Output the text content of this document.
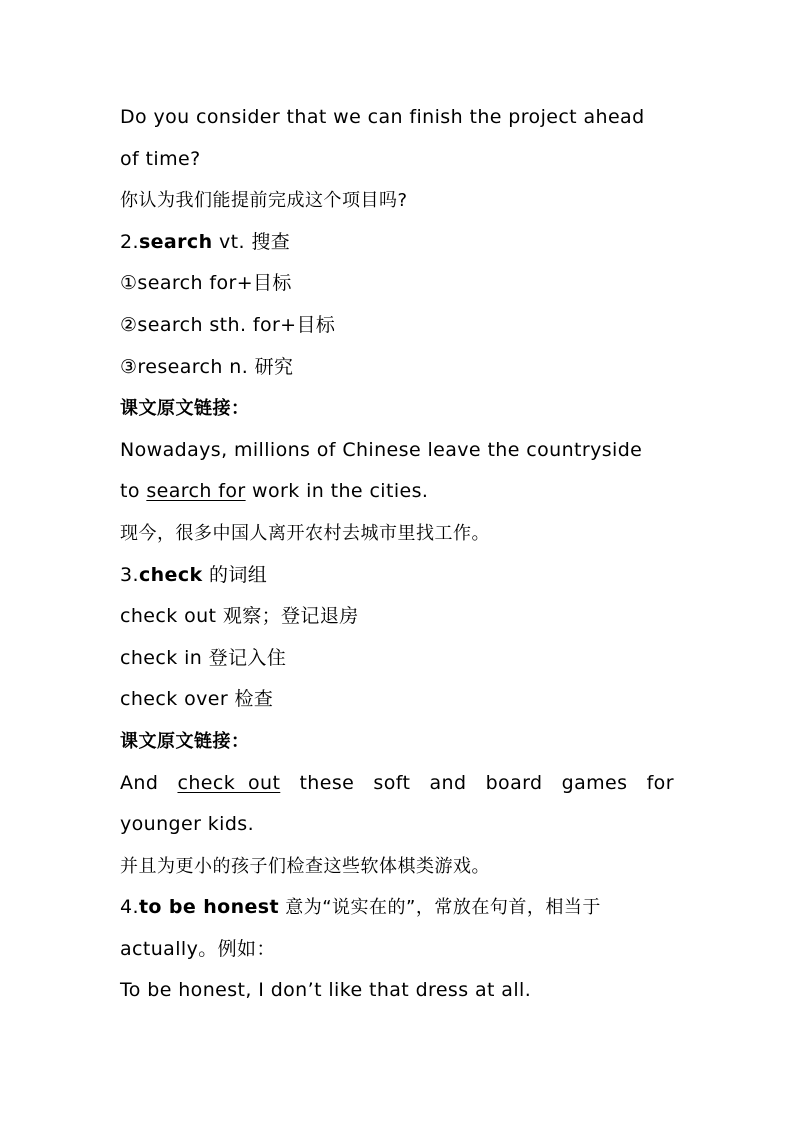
Do you consider that we can finish the project ahead
of time?
你认为我们能提前完成这个项目吗?
2.search vt. 搜查
①search for+目标
②search sth. for+目标
③research n. 研究
课文原文链接：
Nowadays, millions of Chinese leave the countryside
to search for work in the cities.
现今，很多中国人离开农村去城市里找工作。
3.check 的词组
check out 观察；登记退房
check in 登记入住
check over 检查
课文原文链接：
And check  out these soft and board games for
younger kids.
并且为更小的孩子们检查这些软体棋类游戏。
4.to be honest 意为“说实在的”，常放在句首，相当于
actually。例如：
To be honest, I don’t like that dress at all.
